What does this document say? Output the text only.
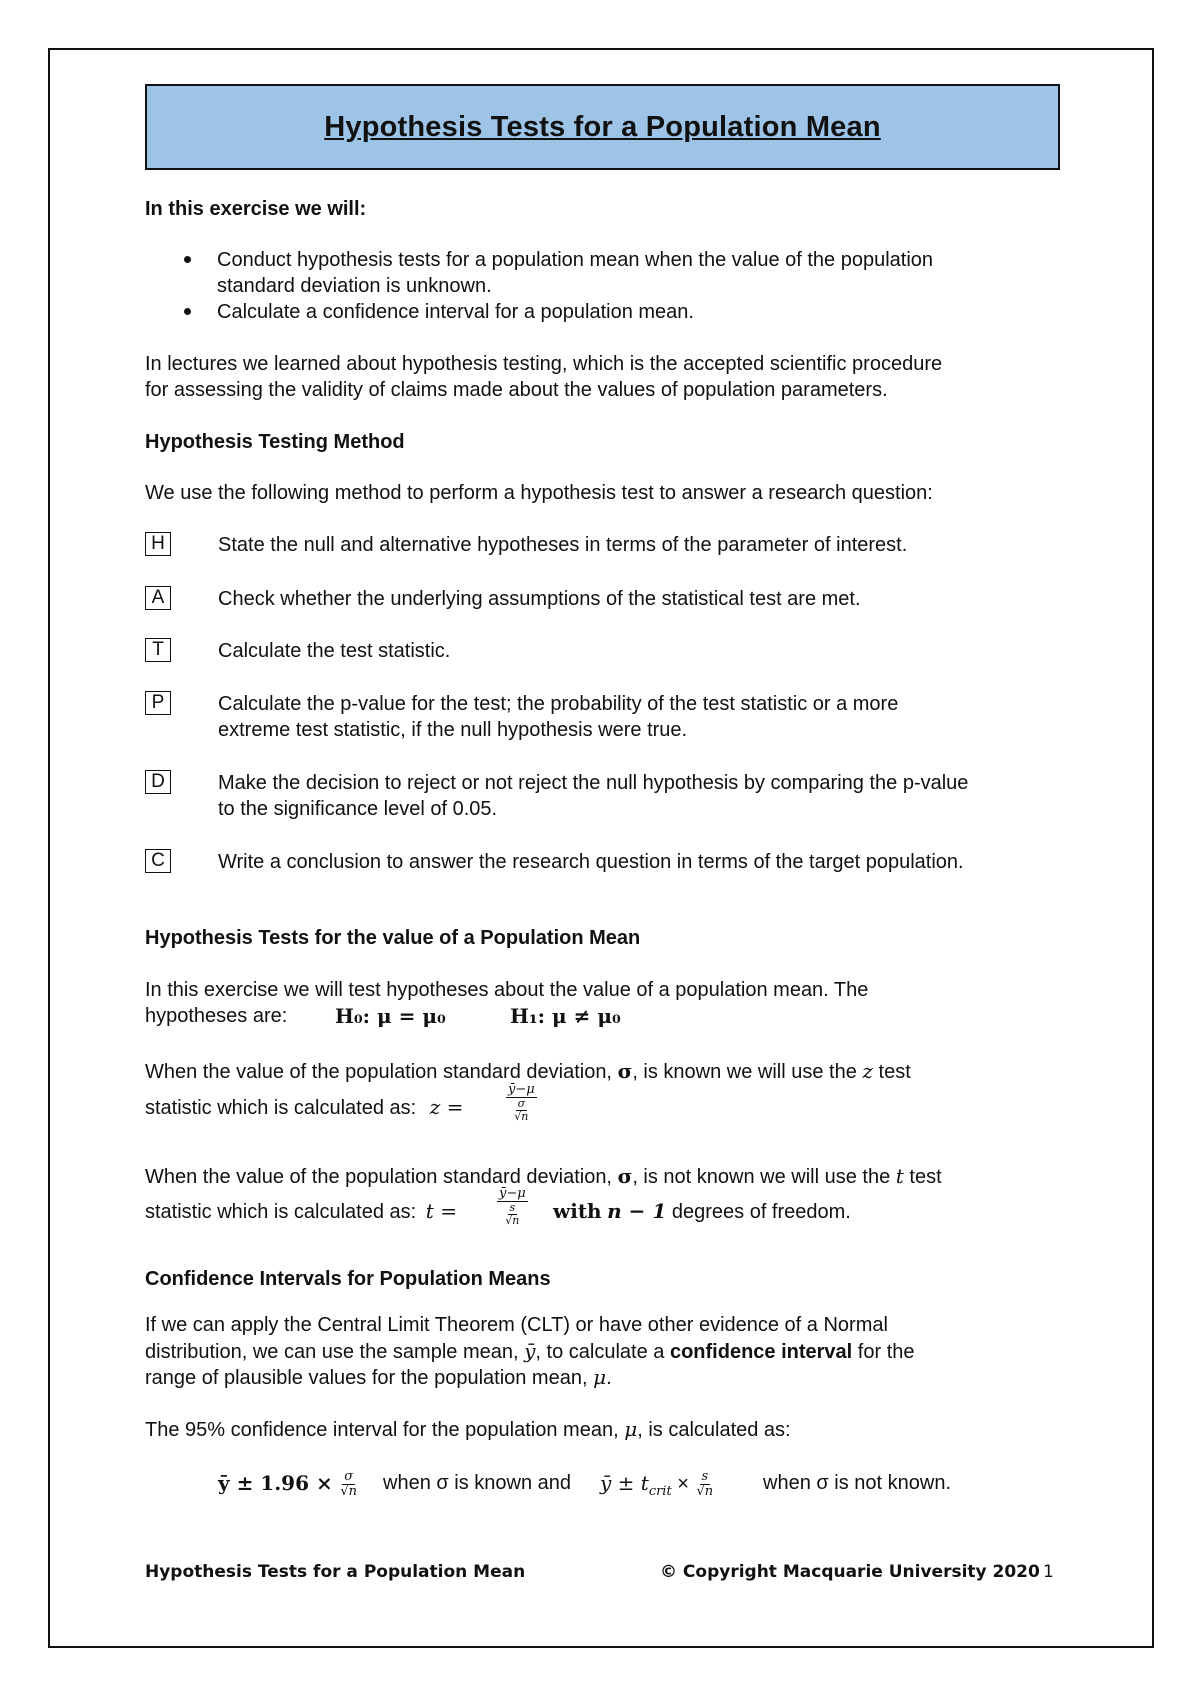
Hypothesis Tests for a Population Mean
In this exercise we will:
Conduct hypothesis tests for a population mean when the value of the population
standard deviation is unknown.
Calculate a confidence interval for a population mean.
In lectures we learned about hypothesis testing, which is the accepted scientific procedure
for assessing the validity of claims made about the values of population parameters.
Hypothesis Testing Method
We use the following method to perform a hypothesis test to answer a research question:
H	State the null and alternative hypotheses in terms of the parameter of interest.
A	Check whether the underlying assumptions of the statistical test are met.
T	Calculate the test statistic.
P	Calculate the p-value for the test; the probability of the test statistic or a more
extreme test statistic, if the null hypothesis were true.
D	Make the decision to reject or not reject the null hypothesis by comparing the p-value
to the significance level of 0.05.
C	Write a conclusion to answer the research question in terms of the target population.
Hypothesis Tests for the value of a Population Mean
In this exercise we will test hypotheses about the value of a population mean. The
hypotheses are: H₀: μ = μ₀	H₁: μ ≠ μ₀
When the value of the population standard deviation, σ, is known we will use the z test
statistic which is calculated as: z =	$\frac{ȳ-\mu}{\frac{\sigma}{√n}}$
When the value of the population standard deviation, σ, is not known we will use the t test
statistic which is calculated as: t =	$\frac{ȳ-\mu}{\frac{s}{√n}}$ with n − 1 degrees of freedom.
Confidence Intervals for Population Means
If we can apply the Central Limit Theorem (CLT) or have other evidence of a Normal
distribution, we can use the sample mean, ȳ, to calculate a confidence interval for the
range of plausible values for the population mean, μ.
The 95% confidence interval for the population mean, μ, is calculated as:
ȳ ± $1.96 \times \frac{\sigma}{√n}$ when σ is known and ȳ ± $t_{crit} \times \frac{s}{√n}$ when σ is not known.
Hypothesis Tests for a Population Mean	© Copyright Macquarie University 2020 1
